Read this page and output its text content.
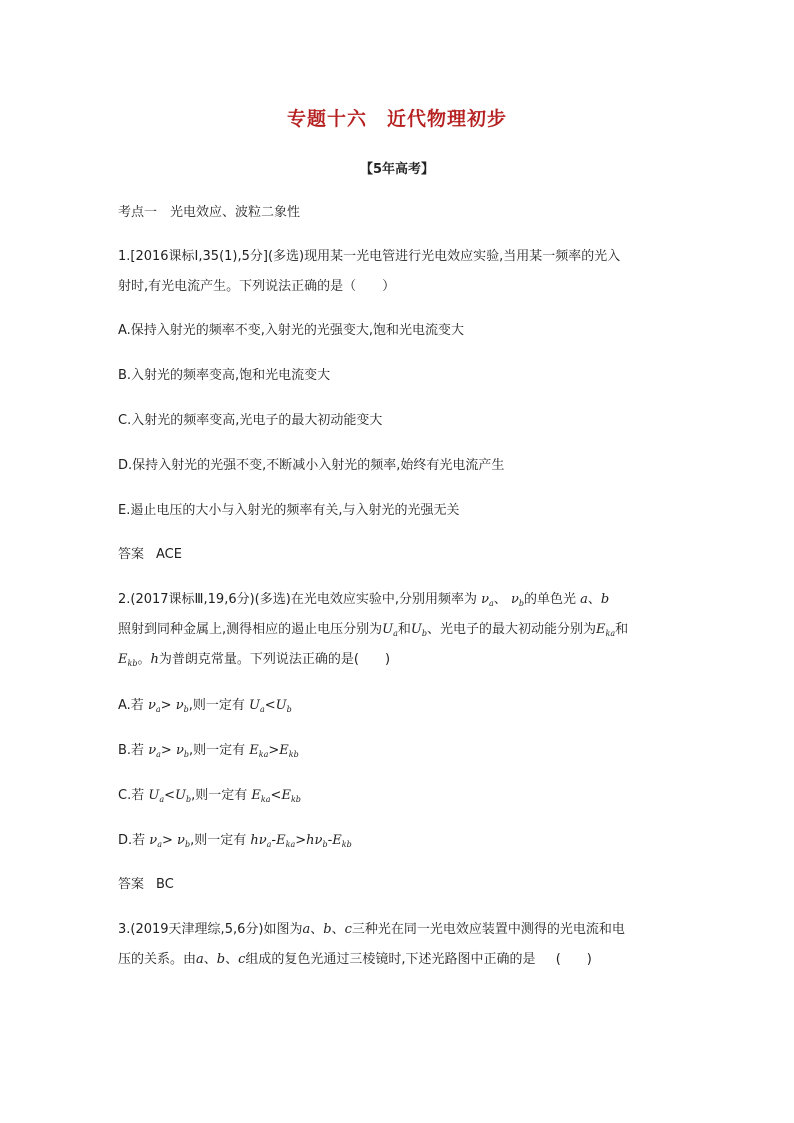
专题十六　近代物理初步
【5年高考】
考点一　光电效应、波粒二象性
1.[2016课标Ⅰ,35(1),5分](多选)现用某一光电管进行光电效应实验,当用某一频率的光入
射时,有光电流产生。下列说法正确的是（　　）
A.保持入射光的频率不变,入射光的光强变大,饱和光电流变大
B.入射光的频率变高,饱和光电流变大
C.入射光的频率变高,光电子的最大初动能变大
D.保持入射光的光强不变,不断减小入射光的频率,始终有光电流产生
E.遏止电压的大小与入射光的频率有关,与入射光的光强无关
答案 ACE
2.(2017课标Ⅲ,19,6分)(多选)在光电效应实验中,分别用频率为 $\nu_a$、 $\nu_b$的单色光 a、b
照射到同种金属上,测得相应的遏止电压分别为$U_a$和$U_b$、光电子的最大初动能分别为$E_{ka}$和
$E_{kb}$。h为普朗克常量。下列说法正确的是(　　)
A.若 $\nu_a> \nu_b$,则一定有 $U_a<U_b$
B.若 $\nu_a> \nu_b$,则一定有 $E_{ka}>E_{kb}$
C.若 $U_a<U_b$,则一定有 $E_{ka}<E_{kb}$
D.若 $\nu_a> \nu_b$,则一定有 $h\nu_a-E_{ka}>h\nu_b-E_{kb}$
答案 BC
3.(2019天津理综,5,6分)如图为a、b、c三种光在同一光电效应装置中测得的光电流和电
压的关系。由a、b、c组成的复色光通过三棱镜时,下述光路图中正确的是 (　　)
